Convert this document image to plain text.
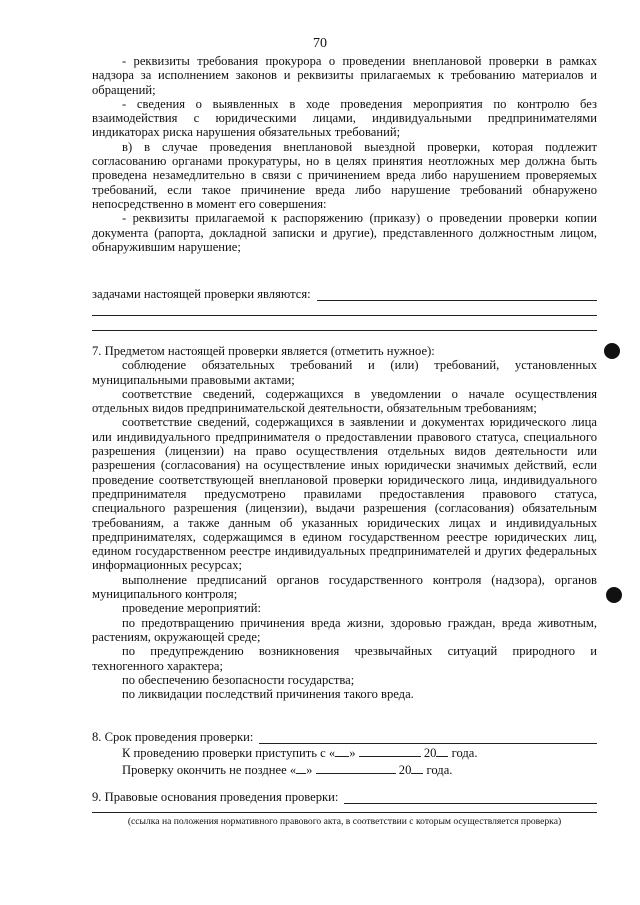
70

- реквизиты требования прокурора о проведении внеплановой проверки в рамках надзора за исполнением законов и реквизиты прилагаемых к требованию материалов и обращений;

- сведения о выявленных в ходе проведения мероприятия по контролю без взаимодействия с юридическими лицами, индивидуальными предпринимателями индикаторах риска нарушения обязательных требований;

в) в случае проведения внеплановой выездной проверки, которая подлежит согласованию органами прокуратуры, но в целях принятия неотложных мер должна быть проведена незамедлительно в связи с причинением вреда либо нарушением проверяемых требований, если такое причинение вреда либо нарушение требований обнаружено непосредственно в момент его совершения:

- реквизиты прилагаемой к распоряжению (приказу) о проведении проверки копии документа (рапорта, докладной записки и другие), представленного должностным лицом, обнаружившим нарушение;

задачами настоящей проверки являются:

7. Предметом настоящей проверки является (отметить нужное):

соблюдение обязательных требований и (или) требований, установленных муниципальными правовыми актами;

соответствие сведений, содержащихся в уведомлении о начале осуществления отдельных видов предпринимательской деятельности, обязательным требованиям;

соответствие сведений, содержащихся в заявлении и документах юридического лица или индивидуального предпринимателя о предоставлении правового статуса, специального разрешения (лицензии) на право осуществления отдельных видов деятельности или разрешения (согласования) на осуществление иных юридически значимых действий, если проведение соответствующей внеплановой проверки юридического лица, индивидуального предпринимателя предусмотрено правилами предоставления правового статуса, специального разрешения (лицензии), выдачи разрешения (согласования) обязательным требованиям, а также данным об указанных юридических лицах и индивидуальных предпринимателях, содержащимся в едином государственном реестре юридических лиц, едином государственном реестре индивидуальных предпринимателей и других федеральных информационных ресурсах;

выполнение предписаний органов государственного контроля (надзора), органов муниципального контроля;

проведение мероприятий:

по предотвращению причинения вреда жизни, здоровью граждан, вреда животным, растениям, окружающей среде;

по предупреждению возникновения чрезвычайных ситуаций природного и техногенного характера;

по обеспечению безопасности государства;

по ликвидации последствий причинения такого вреда.

8. Срок проведения проверки:
К проведению проверки приступить с « »	20 года.
Проверку окончить не позднее « »	20 года.
9. Правовые основания проведения проверки:
(ссылка на положения нормативного правового акта, в соответствии с которым осуществляется проверка)
